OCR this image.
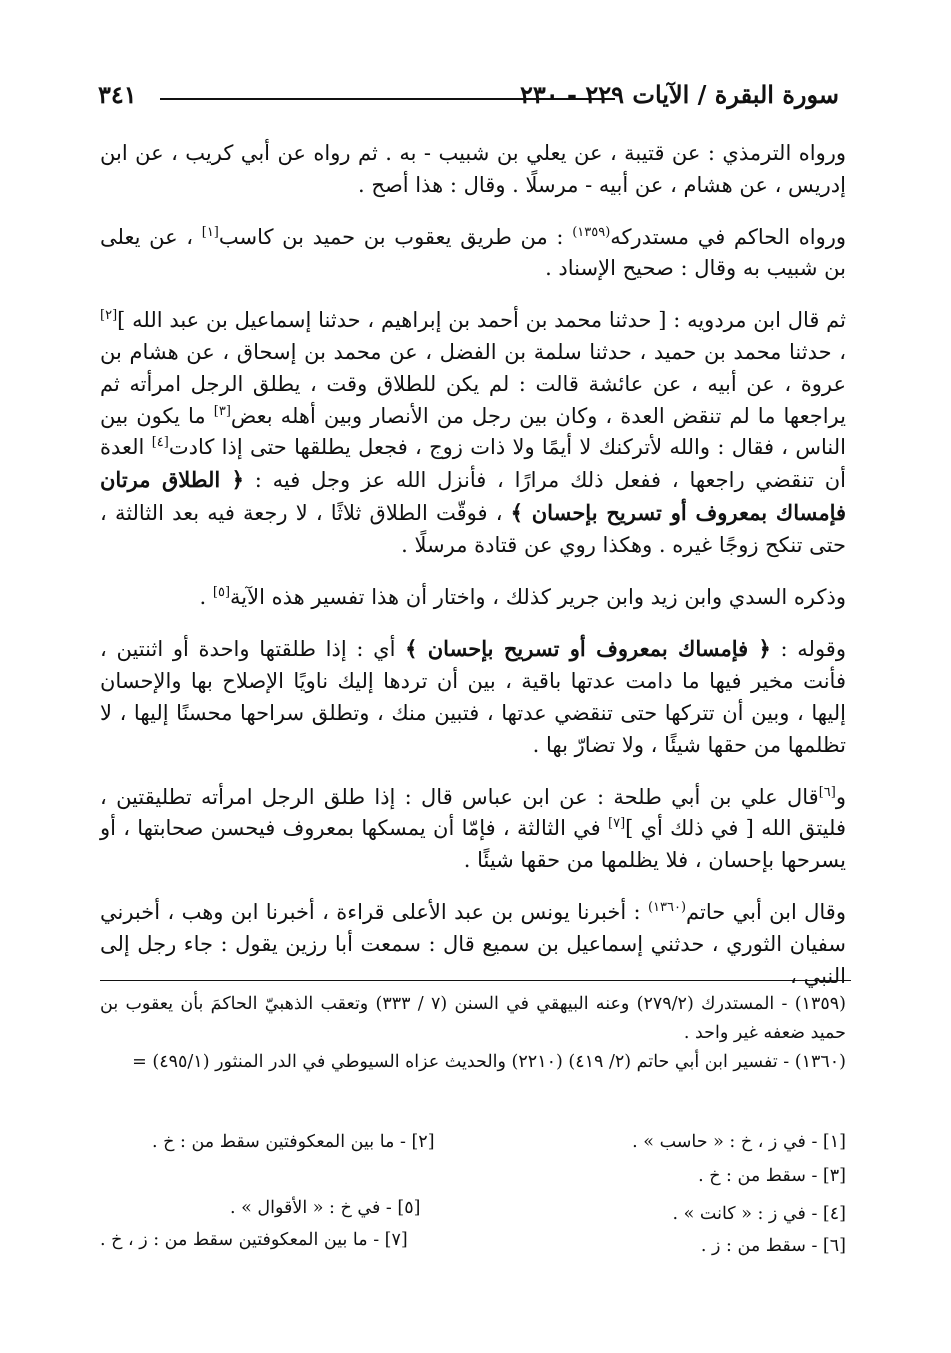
سورة البقرة / الآيات ٢٢٩ - ٢٣٠
٣٤١

وروا​ه الترمذي : عن قتيبة ، عن يعلي بن شبيب - به . ثم رواه عن أبي كريب ، عن ابن إدريس ، عن هشام ، عن أبيه - مرسلًا . وقال : هذا أصح .

ورواه الحاكم في مستدركه$^{(١٣٥٩)}$ : من طريق يعقوب بن حميد بن كاسب[١] ، عن يعلى بن شبيب به وقال : صحيح الإسناد .

ثم قال ابن مردويه : [ حدثنا محمد بن أحمد بن إبراهيم ، حدثنا إسماعيل بن عبد الله ][٢] ، حدثنا محمد بن حميد ، حدثنا سلمة بن الفضل ، عن محمد بن إسحاق ، عن هشام بن عروة ، عن أبيه ، عن عائشة قالت : لم يكن للطلاق وقت ، يطلق الرجل امرأته ثم يراجعها ما لم تنقض العدة ، وكان بين رجل من الأنصار وبين أهله بعض[٣] ما يكون بين الناس ، فقال : والله لأتركنك لا أيمًا ولا ذات زوج ، فجعل يطلقها حتى إذا كادت[٤] العدة أن تنقضي راجعها ، ففعل ذلك مرارًا ، فأنزل الله عز وجل فيه : ﴿ الطلاق مرتان فإمساك بمعروف أو تسريح بإحسان ﴾ ، فوقّت الطلاق ثلاثًا ، لا رجعة فيه بعد الثالثة ، حتى تنكح زوجًا غيره . وهكذا روي عن قتادة مرسلًا .

وذكره السدي وابن زيد وابن جرير كذلك ، واختار أن هذا تفسير هذه الآية[٥] .

وقوله : ﴿ فإمساك بمعروف أو تسريح بإحسان ﴾ أي : إذا طلقتها واحدة أو اثنتين ، فأنت مخير فيها ما دامت عدتها باقية ، بين أن تردها إليك ناويًا الإصلاح بها والإحسان إليها ، وبين أن تتركها حتى تنقضي عدتها ، فتبين منك ، وتطلق سراحها محسنًا إليها ، لا تظلمها من حقها شيئًا ، ولا تضارّ بها .

و[٦]قال علي بن أبي طلحة : عن ابن عباس قال : إذا طلق الرجل امرأته تطليقتين ، فليتق الله [ في ذلك أي ][٧] في الثالثة ، فإمّا أن يمسكها بمعروف فيحسن صحابتها ، أو يسرحها بإحسان ، فلا يظلمها من حقها شيئًا .

وقال ابن أبي حاتم$^{(١٣٦٠)}$ : أخبرنا يونس بن عبد الأعلى قراءة ، أخبرنا ابن وهب ، أخبرني سفيان الثوري ، حدثني إسماعيل بن سميع قال : سمعت أبا رزين يقول : جاء رجل إلى النبي ،

(١٣٥٩) - المستدرك (٢٧٩/٢) وعنه البيهقي في السنن (٧ / ٣٣٣) وتعقب الذهبيّ الحاكمَ بأن يعقوب بن حميد ضعفه غير واحد .

(١٣٦٠) - تفسير ابن أبي حاتم (٢/ ٤١٩) (٢٢١٠) والحديث عزاه السيوطي في الدر المنثور (٤٩٥/١) =

[١] - في ز ، خ : « حاسب » .
[٢] - ما بين المعكوفتين سقط من : خ .
[٣] - سقط من : خ .
[٤] - في ز : « كانت » .
[٥] - في خ : « الأقوال » .
[٦] - سقط من : ز .
[٧] - ما بين المعكوفتين سقط من : ز ، خ .
